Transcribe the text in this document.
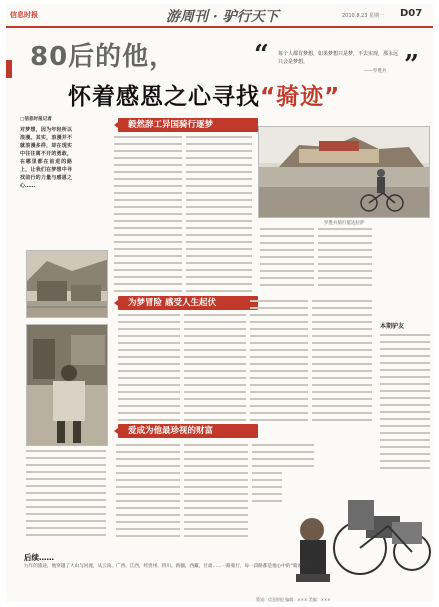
信息时报	游周刊 · 驴行天下	2010.8.23 星期一 D07
80后的他，
怀着感恩之心寻找“骑迹”
“ 每个人都有梦想，如果梦想只是梦，不去实现，那永远只会是梦想。
——罗胜兵 ”
□信息时报记者
对梦想，因为年轻所以浪漫。其实，浪漫并不就浪漫多样，却在现实中往往离不开的勇敢，在哪里都在前进的路上，让我们在梦想中寻找前行的力量与感恩之心……
毅然辞工异国骑行逐梦
罗胜兵骑行抵达拉萨
为梦冒险 感受人生起伏
本期驴友
爱成为他最珍视的财富
后续……
九年的旅途，他穿越了大山与河流，从云南、广西、江西，经贵州、四川、新疆、西藏、甘肃……一路骑行，每一段路都是他心中的“骑迹”。
策划：信息时报 编辑：××× 美编：×××
